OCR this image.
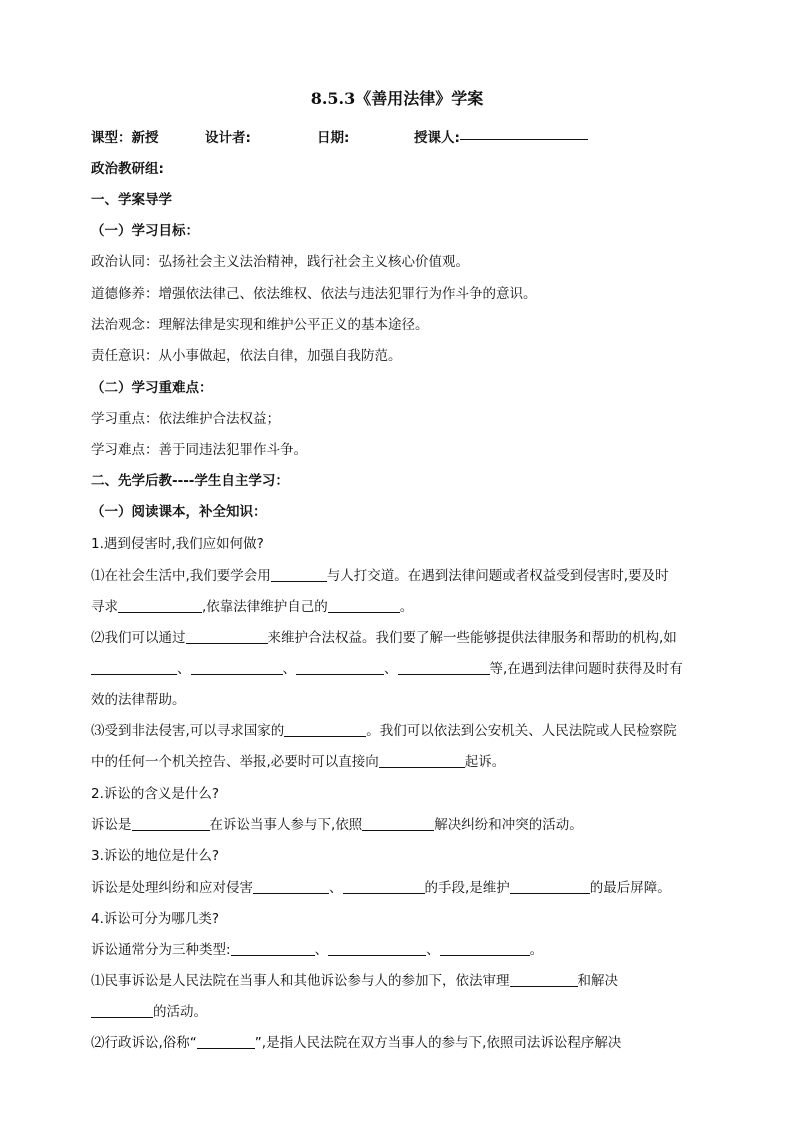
8.5.3《善用法律》学案
课型：新授	设计者:	日期:	授课人:
政治教研组:
一、学案导学
（一）学习目标：
政治认同：弘扬社会主义法治精神，践行社会主义核心价值观。
道德修养：增强依法律己、依法维权、依法与违法犯罪行为作斗争的意识。
法治观念：理解法律是实现和维护公平正义的基本途径。
责任意识：从小事做起，依法自律，加强自我防范。
（二）学习重难点：
学习重点：依法维护合法权益；
学习难点：善于同违法犯罪作斗争。
二、先学后教----学生自主学习：
（一）阅读课本，补全知识：
1.遇到侵害时,我们应如何做?
⑴在社会生活中,我们要学会用	与人打交道。在遇到法律问题或者权益受到侵害时,要及时
寻求	,依靠法律维护自己的	。
⑵我们可以通过	来维护合法权益。我们要了解一些能够提供法律服务和帮助的机构,如
、	、	、	等,在遇到法律问题时获得及时有
效的法律帮助。
⑶受到非法侵害,可以寻求国家的	。我们可以依法到公安机关、人民法院或人民检察院
中的任何一个机关控告、举报,必要时可以直接向	起诉。
2.诉讼的含义是什么?
诉讼是	在诉讼当事人参与下,依照	解决纠纷和冲突的活动。
3.诉讼的地位是什么?
诉讼是处理纠纷和应对侵害	、	的手段,是维护	的最后屏障。
4.诉讼可分为哪几类?
诉讼通常分为三种类型:	、	、	。
⑴民事诉讼是人民法院在当事人和其他诉讼参与人的参加下，依法审理	和解决
的活动。
⑵行政诉讼,俗称“	”,是指人民法院在双方当事人的参与下,依照司法诉讼程序解决
